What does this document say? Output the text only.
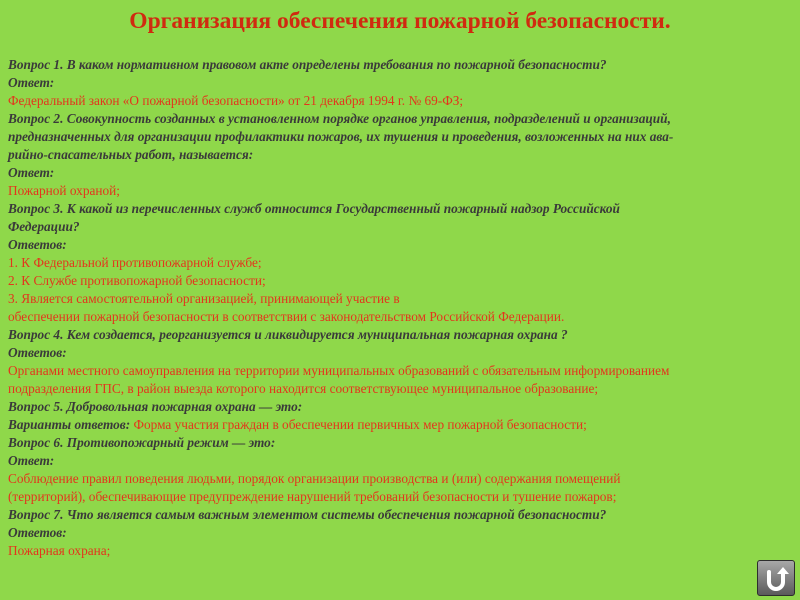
Организация обеспечения пожарной безопасности.
Вопрос 1. В каком нормативном правовом акте определены требования по пожарной безопасности?
Ответ:
Федеральный закон «О пожарной безопасности» от 21 декабря 1994 г. № 69-ФЗ;
Вопрос 2. Совокупность созданных в установленном порядке органов управления, подразделений и организаций,
предназначенных для организации профилактики пожаров, их тушения и проведения, возложенных на них ава-
рийно-спасательных работ, называется:
Ответ:
Пожарной охраной;
Вопрос 3. К какой из перечисленных служб относится Государственный пожарный надзор Российской
Федерации?
Ответов:
1. К Федеральной противопожарной службе;
2. К Службе противопожарной безопасности;
3. Является самостоятельной организацией, принимающей участие в
обеспечении пожарной безопасности в соответствии с законодательством Российской Федерации.
Вопрос 4. Кем создается, реорганизуется и ликвидируется муниципальная пожарная охрана ?
Ответов:
Органами местного самоуправления на территории муниципальных образований с обязательным информированием
подразделения ГПС, в район выезда которого находится соответствующее муниципальное образование;
Вопрос 5. Добровольная пожарная охрана — это:
Варианты ответов: Форма участия граждан в обеспечении первичных мер пожарной безопасности;
Вопрос 6. Противопожарный режим — это:
Ответ:
Соблюдение правил поведения людьми, порядок организации производства и (или) содержания помещений
(территорий), обеспечивающие предупреждение нарушений требований безопасности и тушение пожаров;
Вопрос 7. Что является самым важным элементом системы обеспечения пожарной безопасности?
Ответов:
Пожарная охрана;
